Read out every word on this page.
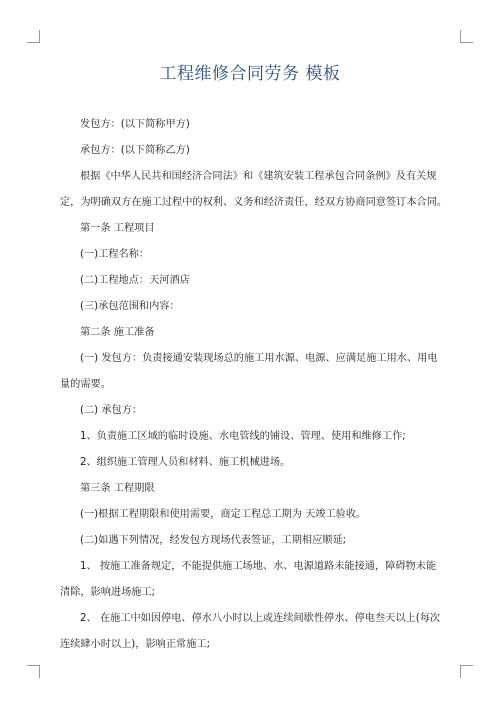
工程维修合同劳务 模板

发包方：(以下简称甲方)

承包方：(以下简称乙方)

根据《中华人民共和国经济合同法》和《建筑安装工程承包合同条例》及有关规

定，为明确双方在施工过程中的权利、义务和经济责任，经双方协商同意签订本合同。

第一条 工程项目

(一)工程名称：

(二)工程地点：天河酒店

(三)承包范围和内容：

第二条 施工准备

(一) 发包方：负责接通安装现场总的施工用水源、电源、应满足施工用水、用电

量的需要。

(二) 承包方：

1、负责施工区域的临时设施、水电管线的铺设、管理、使用和维修工作;

2、组织施工管理人员和材料、施工机械进场。

第三条 工程期限

(一)根据工程期限和使用需要，商定工程总工期为 天竣工验收。

(二)如遇下列情况，经发包方现场代表签证，工期相应顺延;

1、 按施工准备规定，不能提供施工场地、水、电源道路未能接通，障碍物未能

清除，影响进场施工;

2、 在施工中如因停电、停水八小时以上或连续间歇性停水、停电叁天以上(每次

连续肆小时以上)，影响正常施工;
